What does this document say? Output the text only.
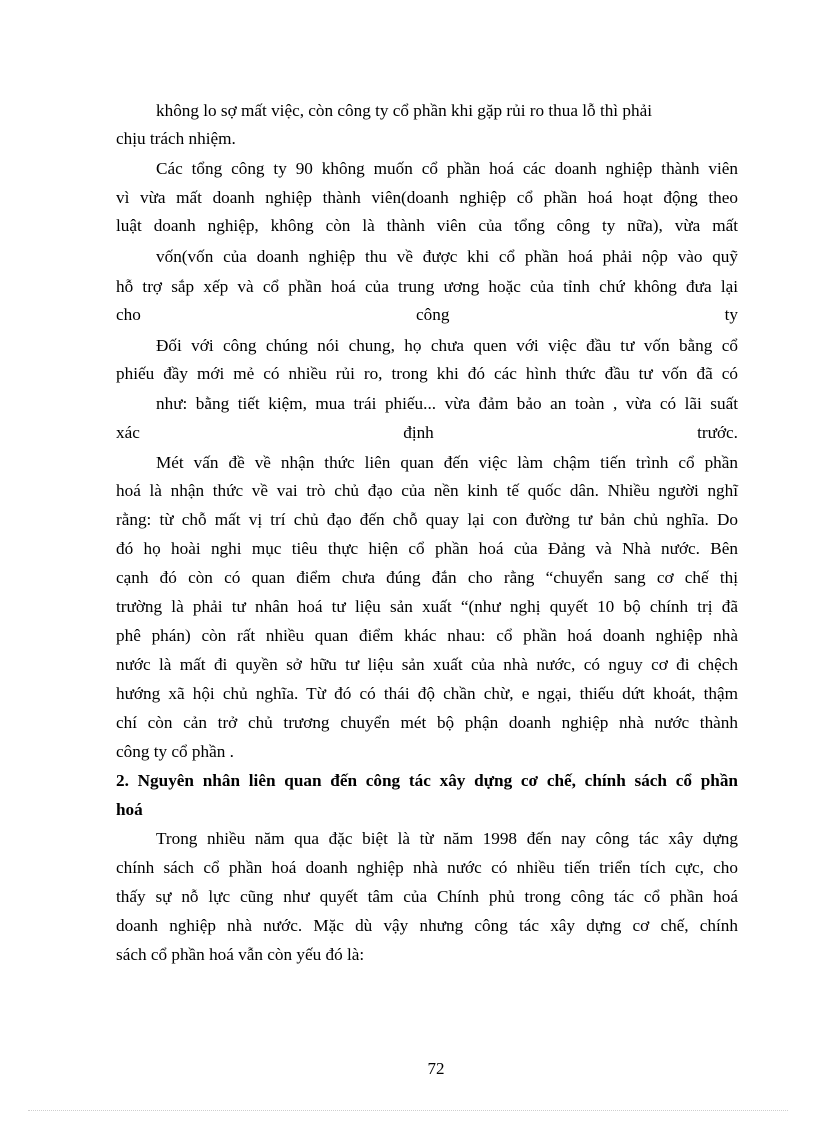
không lo sợ mất việc, còn công ty cổ phần khi gặp rủi ro thua lỗ thì phải
chịu trách nhiệm.
Các tổng công ty 90 không muốn cổ phần hoá các doanh nghiệp thành viên
vì vừa mất doanh nghiệp thành viên(doanh nghiệp cổ phần hoá hoạt động theo
luật doanh nghiệp, không còn là thành viên của tổng công ty nữa), vừa mất
vốn(vốn của doanh nghiệp thu về được khi cổ phần hoá phải nộp vào quỹ
hỗ trợ sắp xếp và cổ phần hoá của trung ương hoặc của tỉnh chứ không đưa lại
cho	công	ty
Đối với công chúng nói chung, họ chưa quen với việc đầu tư vốn bằng cổ
phiếu đầy mới mẻ có nhiều rủi ro, trong khi đó các hình thức đầu tư vốn đã có
như: bằng tiết kiệm, mua trái phiếu... vừa đảm bảo an toàn , vừa có lãi suất
xác	định	trước.
Mét vấn đề về nhận thức liên quan đến việc làm chậm tiến trình cổ phần
hoá là nhận thức về vai trò chủ đạo của nền kinh tế quốc dân. Nhiều người nghĩ
rằng: từ chỗ mất vị trí chủ đạo đến chỗ quay lại con đường tư bản chủ nghĩa. Do
đó họ hoài nghi mục tiêu thực hiện cổ phần hoá của Đảng và Nhà nước. Bên
cạnh đó còn có quan điểm chưa đúng đắn cho rằng “chuyển sang cơ chế thị
trường là phải tư nhân hoá tư liệu sản xuất “(như nghị quyết 10 bộ chính trị đã
phê phán) còn rất nhiều quan điểm khác nhau: cổ phần hoá doanh nghiệp nhà
nước là mất đi quyền sở hữu tư liệu sản xuất của nhà nước, có nguy cơ đi chệch
hướng xã hội chủ nghĩa. Từ đó có thái độ chần chừ, e ngại, thiếu dứt khoát, thậm
chí còn cản trở chủ trương chuyển mét bộ phận doanh nghiệp nhà nước thành
công ty cổ phần .
2. Nguyên nhân liên quan đến công tác xây dựng cơ chế, chính sách cổ phần
hoá
Trong nhiều năm qua đặc biệt là từ năm 1998 đến nay công tác xây dựng
chính sách cổ phần hoá doanh nghiệp nhà nước có nhiều tiến triển tích cực, cho
thấy sự nỗ lực cũng như quyết tâm của Chính phủ trong công tác cổ phần hoá
doanh nghiệp nhà nước. Mặc dù vậy nhưng công tác xây dựng cơ chế, chính
sách cổ phần hoá vẫn còn yếu đó là:
72
